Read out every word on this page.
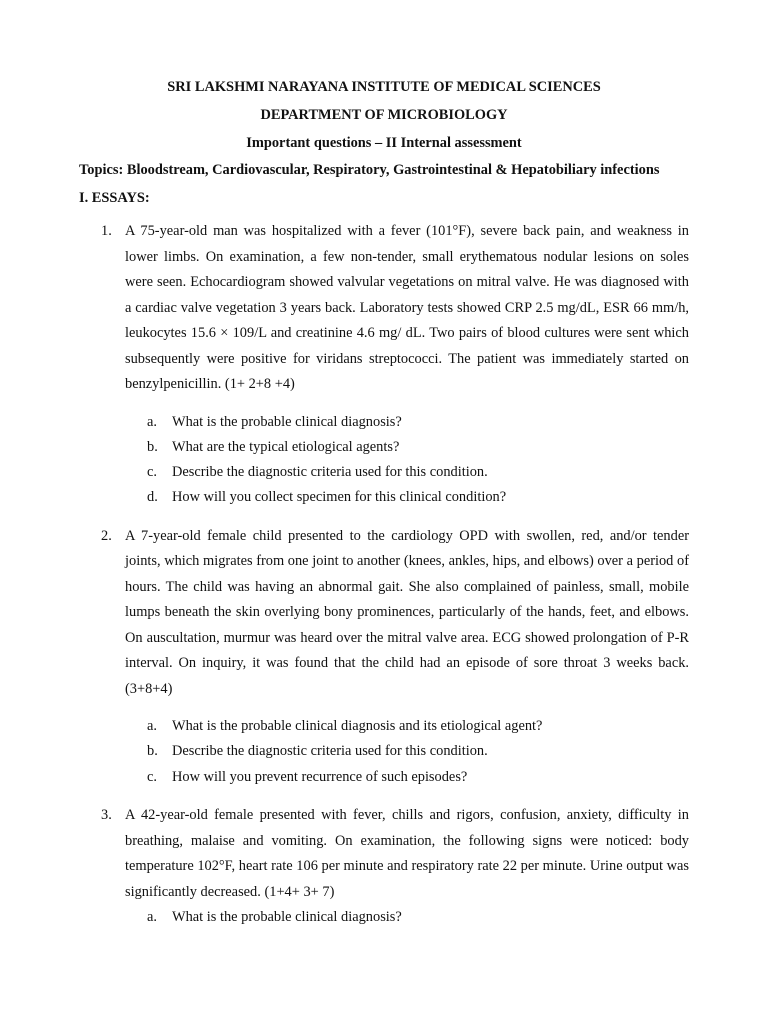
SRI LAKSHMI NARAYANA INSTITUTE OF MEDICAL SCIENCES

DEPARTMENT OF MICROBIOLOGY

Important questions – II Internal assessment

Topics: Bloodstream, Cardiovascular, Respiratory, Gastrointestinal & Hepatobiliary infections
I. ESSAYS:
1. A 75-year-old man was hospitalized with a fever (101°F), severe back pain, and weakness in lower limbs. On examination, a few non-tender, small erythematous nodular lesions on soles were seen. Echocardiogram showed valvular vegetations on mitral valve. He was diagnosed with a cardiac valve vegetation 3 years back. Laboratory tests showed CRP 2.5 mg/dL, ESR 66 mm/h, leukocytes 15.6 × 109/L and creatinine 4.6 mg/ dL. Two pairs of blood cultures were sent which subsequently were positive for viridans streptococci. The patient was immediately started on benzylpenicillin. (1+ 2+8 +4)
a. What is the probable clinical diagnosis?
b. What are the typical etiological agents?
c. Describe the diagnostic criteria used for this condition.
d. How will you collect specimen for this clinical condition?
2. A 7-year-old female child presented to the cardiology OPD with swollen, red, and/or tender joints, which migrates from one joint to another (knees, ankles, hips, and elbows) over a period of hours. The child was having an abnormal gait. She also complained of painless, small, mobile lumps beneath the skin overlying bony prominences, particularly of the hands, feet, and elbows. On auscultation, murmur was heard over the mitral valve area. ECG showed prolongation of P-R interval. On inquiry, it was found that the child had an episode of sore throat 3 weeks back. (3+8+4)
a. What is the probable clinical diagnosis and its etiological agent?
b. Describe the diagnostic criteria used for this condition.
c. How will you prevent recurrence of such episodes?
3. A 42-year-old female presented with fever, chills and rigors, confusion, anxiety, difficulty in breathing, malaise and vomiting. On examination, the following signs were noticed: body temperature 102°F, heart rate 106 per minute and respiratory rate 22 per minute. Urine output was significantly decreased. (1+4+ 3+ 7)
a. What is the probable clinical diagnosis?
